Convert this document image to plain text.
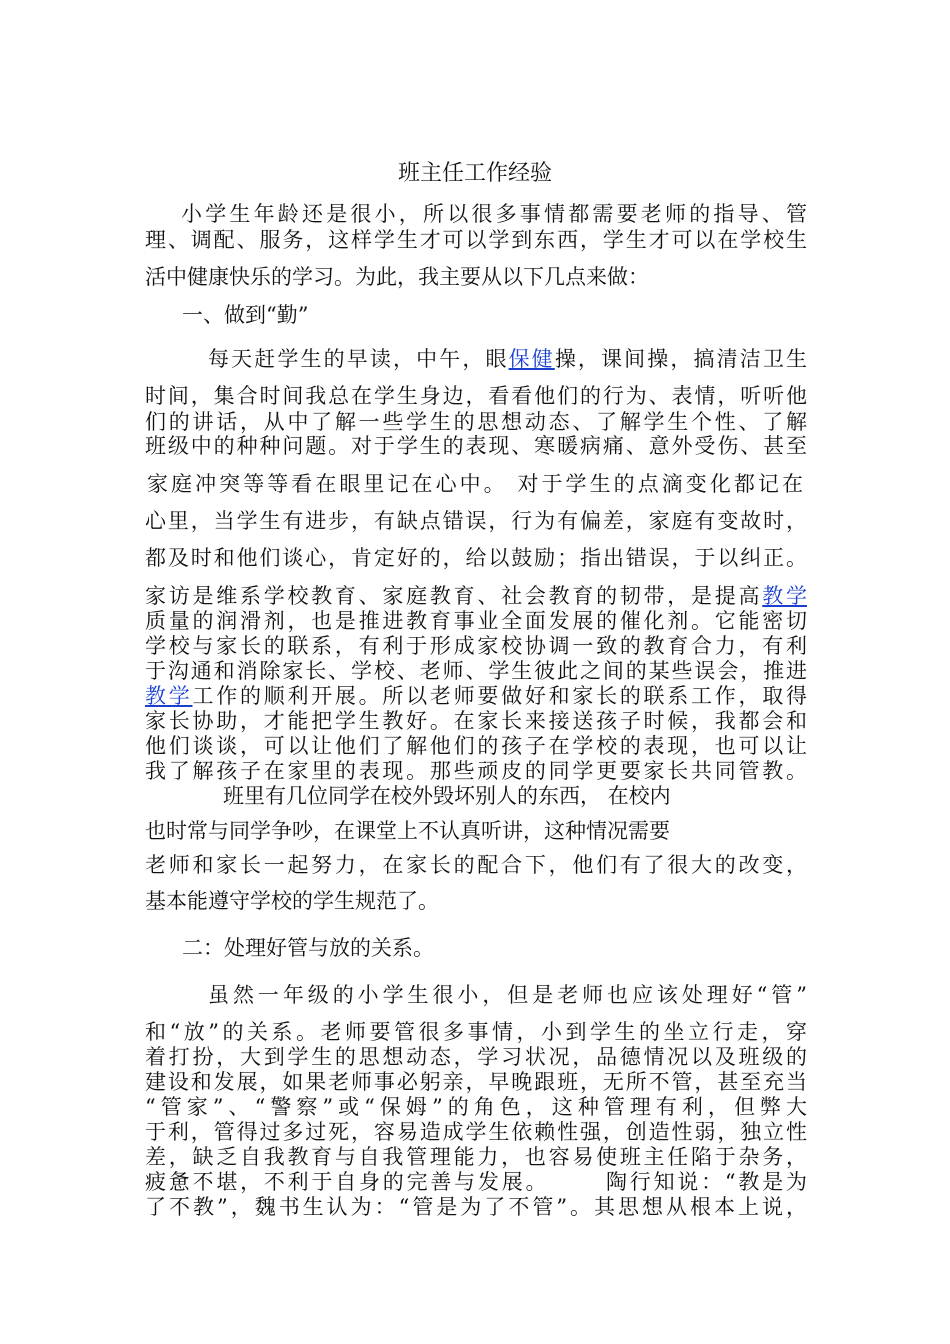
班主任工作经验
小学生年龄还是很小，所以很多事情都需要老师的指导、管
理、调配、服务，这样学生才可以学到东西，学生才可以在学校生
活中健康快乐的学习。为此，我主要从以下几点来做：
一、做到“勤”
每天赶学生的早读，中午，眼保健操，课间操，搞清洁卫生
时间，集合时间我总在学生身边，看看他们的行为、表情，听听他
们的讲话，从中了解一些学生的思想动态、了解学生个性、了解
班级中的种种问题。对于学生的表现、寒暖病痛、意外受伤、甚至
家庭冲突等等看在眼里记在心中。 对于学生的点滴变化都记在
心里，当学生有进步，有缺点错误，行为有偏差，家庭有变故时，
都及时和他们谈心，肯定好的，给以鼓励；指出错误，于以纠正。
家访是维系学校教育、家庭教育、社会教育的韧带，是提高教学
质量的润滑剂，也是推进教育事业全面发展的催化剂。它能密切
学校与家长的联系，有利于形成家校协调一致的教育合力，有利
于沟通和消除家长、学校、老师、学生彼此之间的某些误会，推进
教学工作的顺利开展。所以老师要做好和家长的联系工作，取得
家长协助，才能把学生教好。在家长来接送孩子时候，我都会和
他们谈谈，可以让他们了解他们的孩子在学校的表现，也可以让
我了解孩子在家里的表现。那些顽皮的同学更要家长共同管教。
班里有几位同学在校外毁坏别人的东西， 在校内
也时常与同学争吵，在课堂上不认真听讲，这种情况需要
老师和家长一起努力，在家长的配合下，他们有了很大的改变，
基本能遵守学校的学生规范了。
二：处理好管与放的关系。
虽然一年级的小学生很小，但是老师也应该处理好“管”
和“放”的关系。老师要管很多事情，小到学生的坐立行走，穿
着打扮，大到学生的思想动态，学习状况，品德情况以及班级的
建设和发展，如果老师事必躬亲，早晚跟班，无所不管，甚至充当
“管家”、“警察”或“保姆”的角色，这种管理有利，但弊大
于利，管得过多过死，容易造成学生依赖性强，创造性弱，独立性
差，缺乏自我教育与自我管理能力，也容易使班主任陷于杂务，
疲惫不堪，不利于自身的完善与发展。      陶行知说：“教是为
了不教”，魏书生认为：“管是为了不管”。其思想从根本上说，
